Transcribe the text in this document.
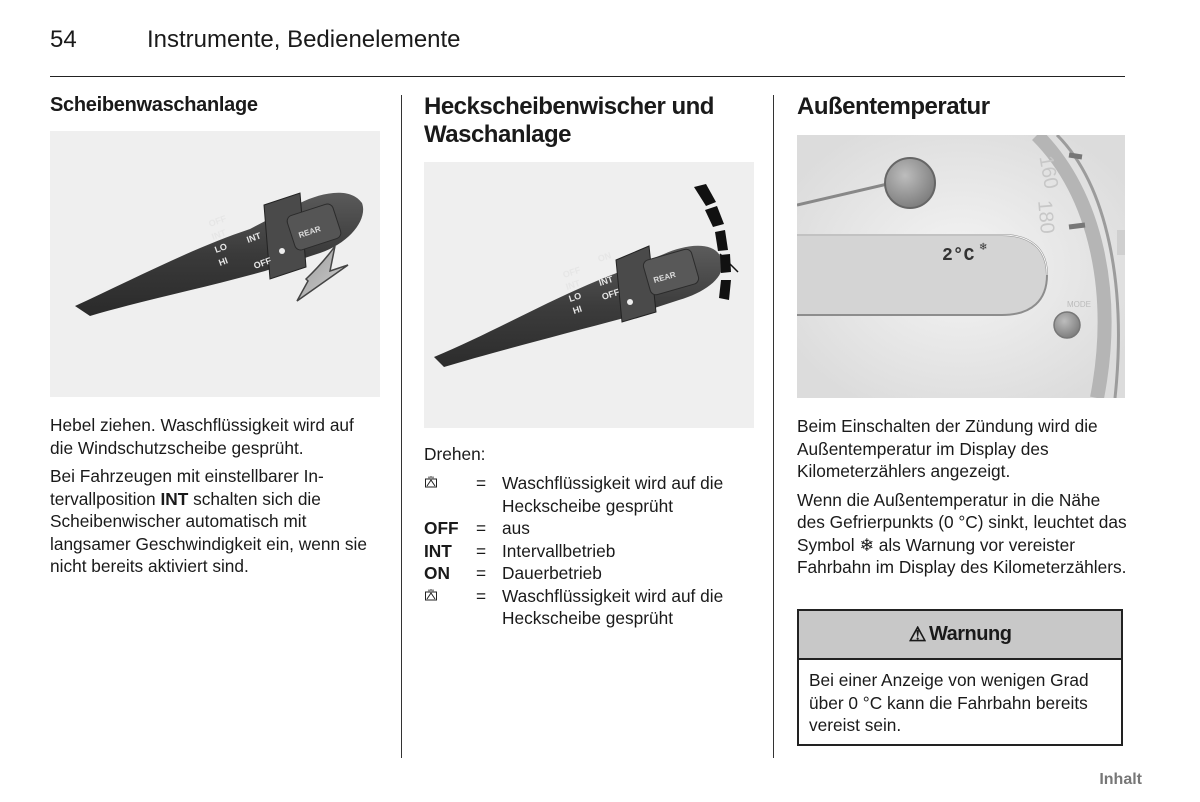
54	Instrumente, Bedienelemente
Scheibenwaschanlage
REAR
OFF
INT
LO
HI	OFF
INT

Hebel ziehen. Waschflüssigkeit wird auf die Windschutzscheibe gesprüht.

Bei Fahrzeugen mit einstellbarer In-tervallposition INT schalten sich die Scheibenwischer automatisch mit langsamer Geschwindigkeit ein, wenn sie nicht bereits aktiviert sind.

Heckscheibenwischer und Waschanlage
REAR
OFF
INT
LO
HI
ON
INT
OFF

Drehen:

= Waschflüssigkeit wird auf die Heckscheibe gesprüht
OFF	= aus
INT	= Intervallbetrieb
ON	= Dauerbetrieb
= Waschflüssigkeit wird auf die Heckscheibe gesprüht
Außentemperatur
160
180
2°C ❄
MODE

Beim Einschalten der Zündung wird die Außentemperatur im Display des Kilometerzählers angezeigt.

Wenn die Außentemperatur in die Nähe des Gefrierpunkts (0 °C) sinkt, leuchtet das Symbol ❄ als Warnung vor vereister Fahrbahn im Display des Kilometerzählers.

⚠ Warnung
Bei einer Anzeige von wenigen Grad über 0 °C kann die Fahrbahn bereits vereist sein.
Inhalt
